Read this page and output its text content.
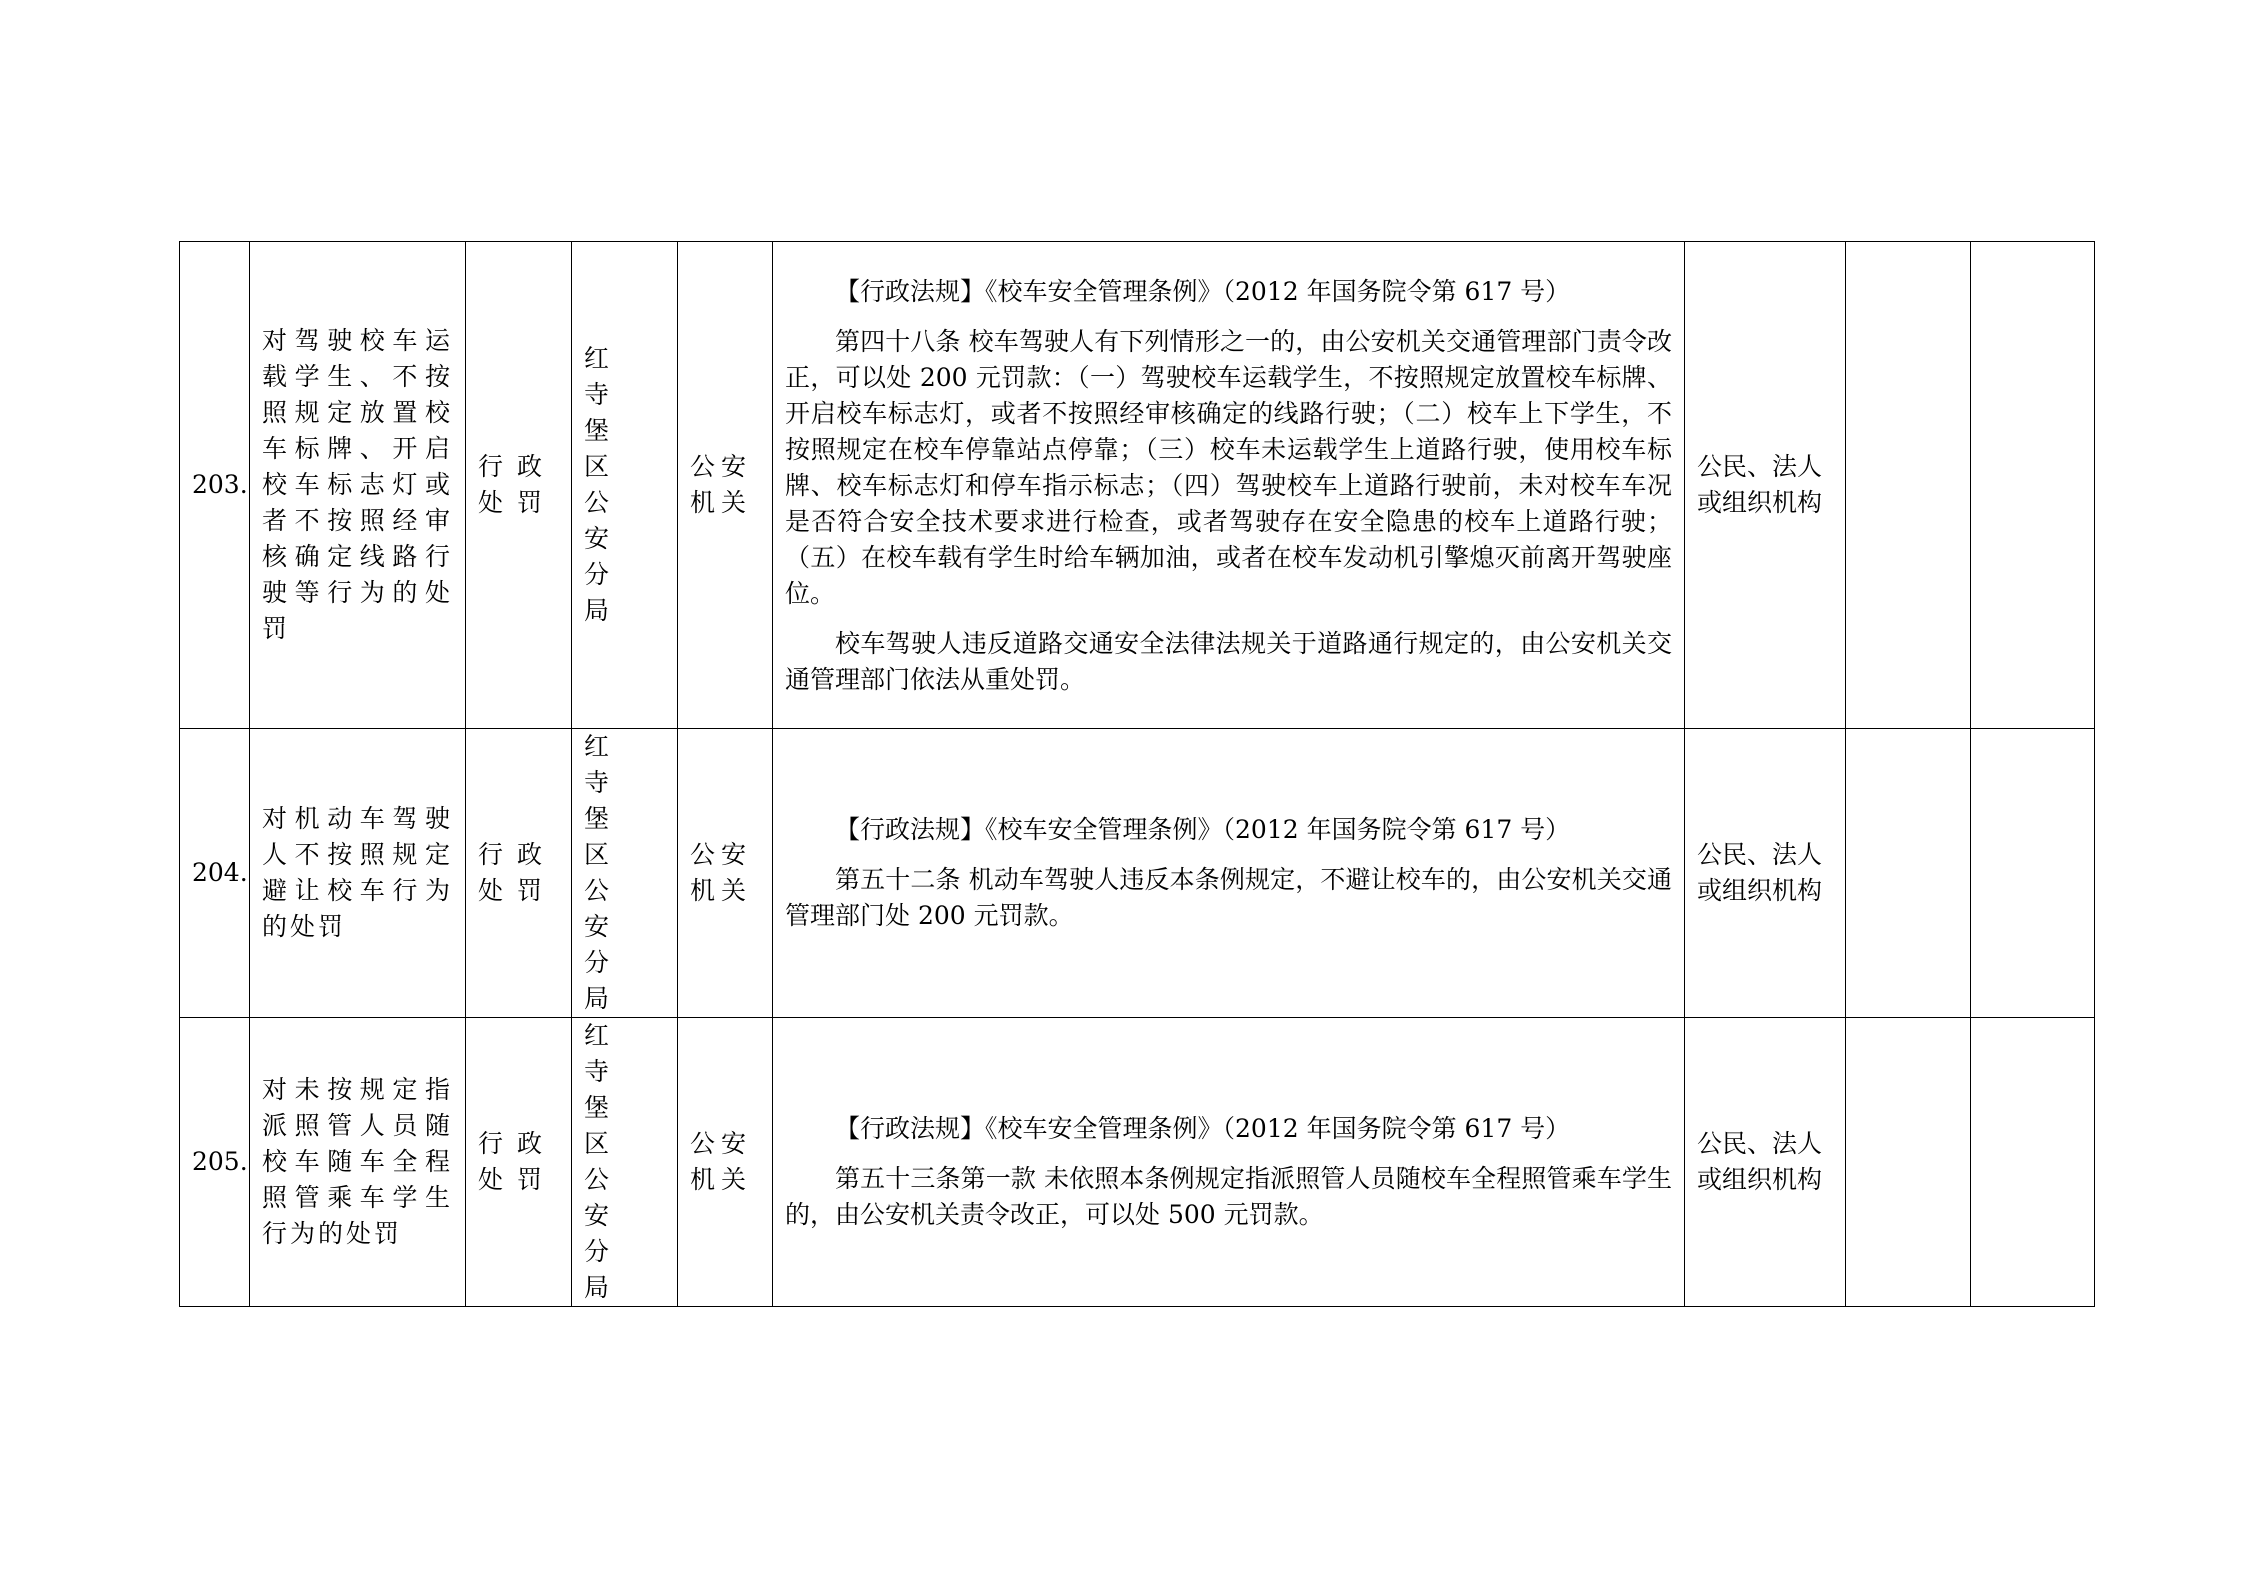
203.	对驾驶校车运载学生、不按照规定放置校车标牌、开启校车标志灯或者不按照经审核确定线路行驶等行为的处罚	行政处罚	红寺堡区公安分局	公安机关	【行政法规】《校车安全管理条例》（2012 年国务院令第 617 号）

第四十八条 校车驾驶人有下列情形之一的，由公安机关交通管理部门责令改正，可以处 200 元罚款：（一）驾驶校车运载学生，不按照规定放置校车标牌、开启校车标志灯，或者不按照经审核确定的线路行驶；（二）校车上下学生，不按照规定在校车停靠站点停靠；（三）校车未运载学生上道路行驶，使用校车标牌、校车标志灯和停车指示标志；（四）驾驶校车上道路行驶前，未对校车车况是否符合安全技术要求进行检查，或者驾驶存在安全隐患的校车上道路行驶；（五）在校车载有学生时给车辆加油，或者在校车发动机引擎熄灭前离开驾驶座位。

校车驾驶人违反道路交通安全法律法规关于道路通行规定的，由公安机关交通管理部门依法从重处罚。	公民、法人或组织机构		
204.	对机动车驾驶人不按照规定避让校车行为的处罚	行政处罚	红寺堡区公安分局	公安机关	【行政法规】《校车安全管理条例》（2012 年国务院令第 617 号）

第五十二条 机动车驾驶人违反本条例规定，不避让校车的，由公安机关交通管理部门处 200 元罚款。	公民、法人或组织机构		
205.	对未按规定指派照管人员随校车随车全程照管乘车学生行为的处罚	行政处罚	红寺堡区公安分局	公安机关	【行政法规】《校车安全管理条例》（2012 年国务院令第 617 号）

第五十三条第一款 未依照本条例规定指派照管人员随校车全程照管乘车学生的，由公安机关责令改正，可以处 500 元罚款。	公民、法人或组织机构		
